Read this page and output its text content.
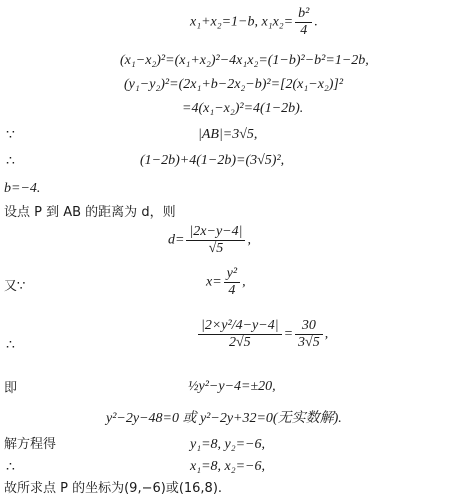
x₁+x₂=1−b, $x_1x_2= \frac{\text{b²}}{4}$ .
(x₁−x₂)²=(x₁+x₂)²−4x₁x₂=(1−b)²−b²=1−2b,
(y₁−y₂)²=(2x₁+b−2x₂−b)²=[2(x₁−x₂)]²
=4(x₁−x₂)²=4(1−2b).
∵	|AB|=3√5,
∴	(1−2b)+4(1−2b)=(3√5)²,
b=−4.
设点 P 到 AB 的距离为 d，则
$d= \frac{|2x-y-4|}{√5}$ ,
又∵	$x= \frac{\text{y²}}{4}$ ,
∴	$\frac{\text{|2×y²/4−y−4|}}{2√5} = \frac{30}{3√5}$ ,
即	½y²−y−4=±20,
y²−2y−48=0 或 y²−2y+32=0(无实数解).
解方程得	y₁=8, y₂=−6,
∴	x₁=8, x₂=−6,
故所求点 P 的坐标为(9,−6)或(16,8).
